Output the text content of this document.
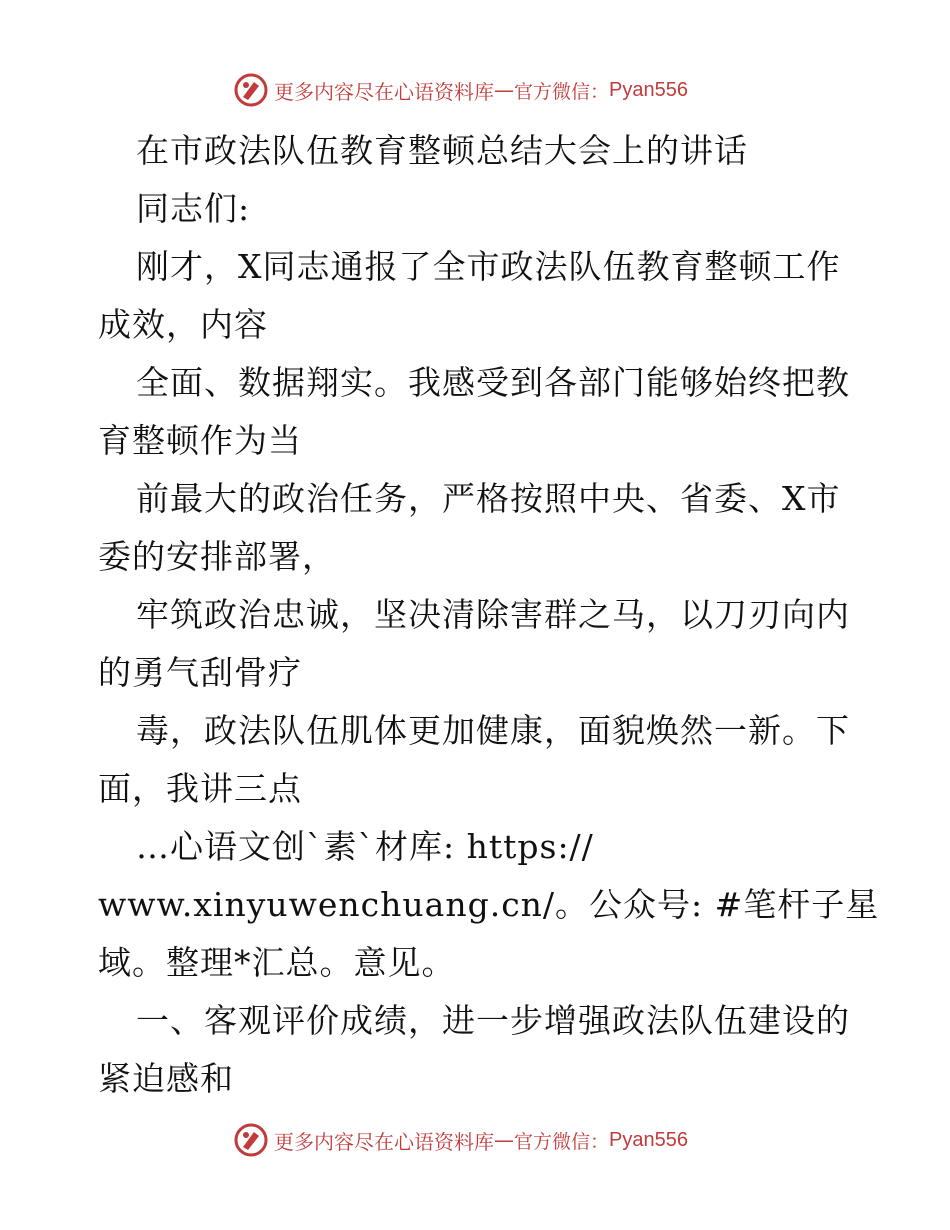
更多内容尽在心语资料库 — 官方微信： Pyan556
在市政法队伍教育整顿总结大会上的讲话
同志们:
刚才，X同志通报了全市政法队伍教育整顿工作
成效，内容
全面、数据翔实。我感受到各部门能够始终把教
育整顿作为当
前最大的政治任务，严格按照中央、省委、X市
委的安排部署，
牢筑政治忠诚，坚决清除害群之马，以刀刃向内
的勇气刮骨疗
毒，政法队伍肌体更加健康，面貌焕然一新。下
面，我讲三点
…心语文创`素`材库: https://
www.xinyuwenchuang.cn/。公众号: #笔杆子星
域。整理*汇总。意见。
一、客观评价成绩，进一步增强政法队伍建设的
紧迫感和
更多内容尽在心语资料库 — 官方微信： Pyan556
